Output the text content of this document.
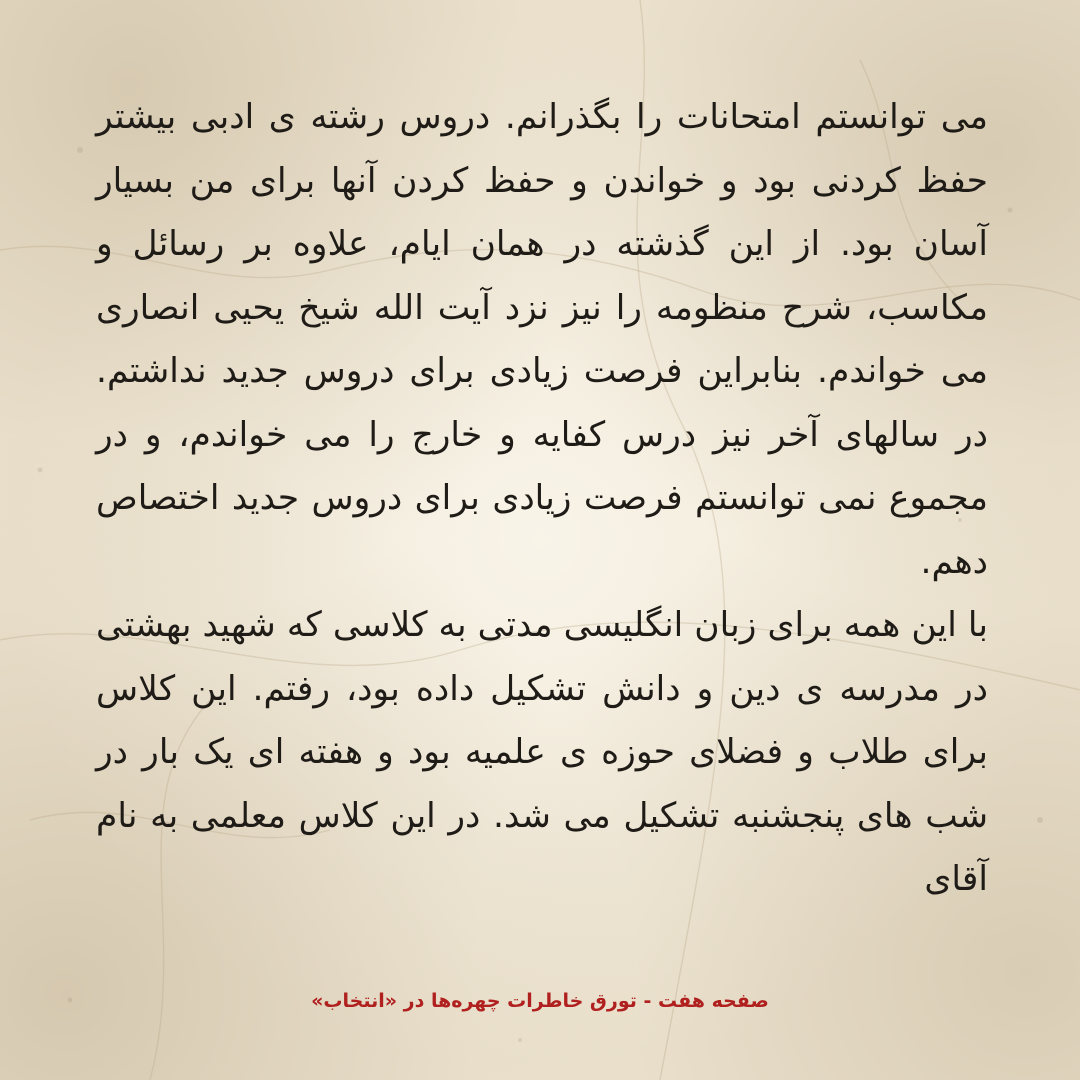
می توانستم امتحانات را بگذرانم. دروس رشته ی ادبی بیشتر حفظ کردنی بود و خواندن و حفظ کردن آنها برای من بسیار آسان بود. از این گذشته در همان ایام، علاوه بر رسائل و مکاسب، شرح منظومه را نیز نزد آیت الله شیخ یحیی انصاری می خواندم. بنابراین فرصت زیادی برای دروس جدید نداشتم. در سالهای آخر نیز درس کفایه و خارج را می خواندم، و در مجموع نمی توانستم فرصت زیادی برای دروس جدید اختصاص دهم.
با این همه برای زبان انگلیسی مدتی به کلاسی که شهید بهشتی در مدرسه ی دین و دانش تشکیل داده بود، رفتم. این کلاس برای طلاب و فضلای حوزه ی علمیه بود و هفته ای یک بار در شب های پنجشنبه تشکیل می شد. در این کلاس معلمی به نام آقای

صفحه هفت - تورق خاطرات چهره‌ها در «انتخاب»
